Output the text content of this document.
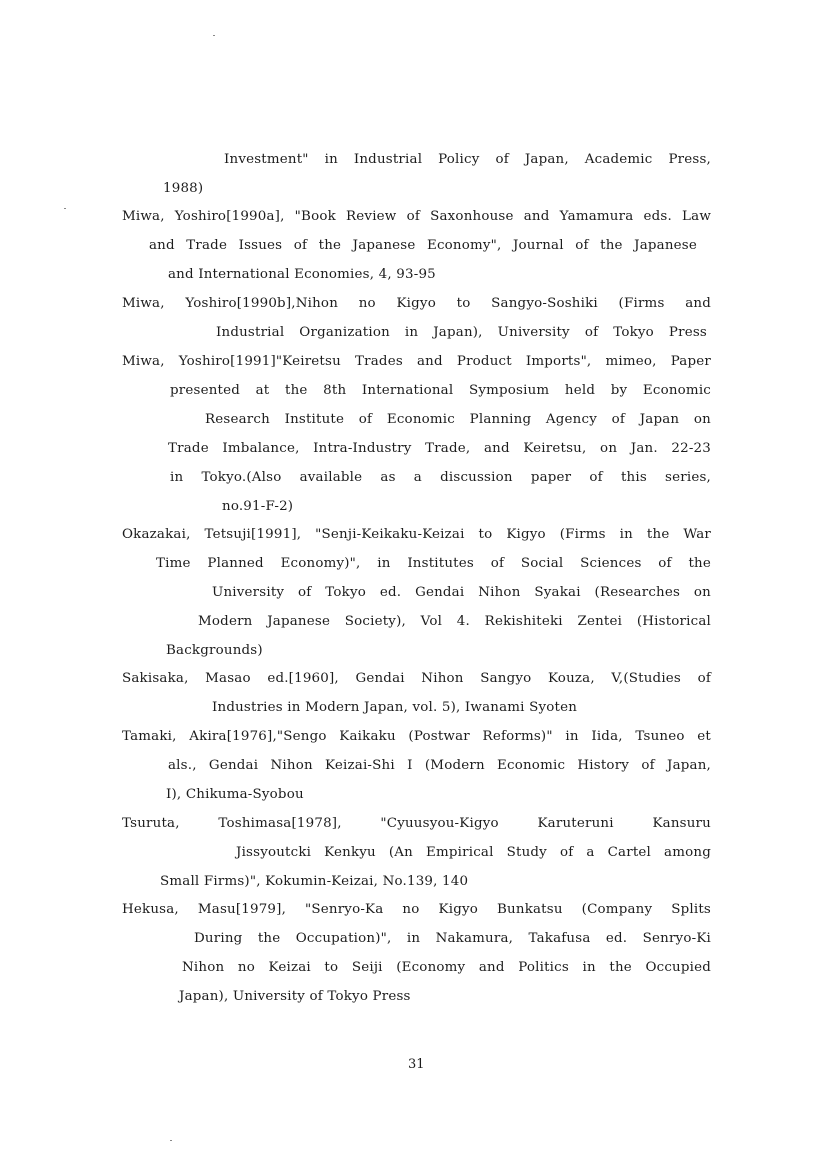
Investment" in Industrial Policy of Japan, Academic Press,
1988)
Miwa, Yoshiro[1990a], "Book Review of Saxonhouse and Yamamura eds. Law
and Trade Issues of the Japanese Economy", Journal of the Japanese
and International Economies, 4, 93-95
Miwa, Yoshiro[1990b],Nihon no Kigyo to Sangyo-Soshiki (Firms and
Industrial Organization in Japan), University of Tokyo Press
Miwa, Yoshiro[1991]"Keiretsu Trades and Product Imports", mimeo, Paper
presented at the 8th International Symposium held by Economic
Research Institute of Economic Planning Agency of Japan on
Trade Imbalance, Intra-Industry Trade, and Keiretsu, on Jan. 22-23
in Tokyo.(Also available as a discussion paper of this series,
no.91-F-2)
Okazakai, Tetsuji[1991], "Senji-Keikaku-Keizai to Kigyo (Firms in the War
Time Planned Economy)", in Institutes of Social Sciences of the
University of Tokyo ed. Gendai Nihon Syakai (Researches on
Modern Japanese Society), Vol 4. Rekishiteki Zentei (Historical
Backgrounds)
Sakisaka, Masao ed.[1960], Gendai Nihon Sangyo Kouza, V,(Studies of
Industries in Modern Japan, vol. 5), Iwanami Syoten
Tamaki, Akira[1976],"Sengo Kaikaku (Postwar Reforms)" in Iida, Tsuneo et
als., Gendai Nihon Keizai-Shi I (Modern Economic History of Japan,
I), Chikuma-Syobou
Tsuruta, Toshimasa[1978], "Cyuusyou-Kigyo Karuteruni Kansuru
Jissyoutcki Kenkyu (An Empirical Study of a Cartel among
Small Firms)", Kokumin-Keizai, No.139, 140
Hekusa, Masu[1979], "Senryo-Ka no Kigyo Bunkatsu (Company Splits
During the Occupation)", in Nakamura, Takafusa ed. Senryo-Ki
Nihon no Keizai to Seiji (Economy and Politics in the Occupied
Japan), University of Tokyo Press
31
